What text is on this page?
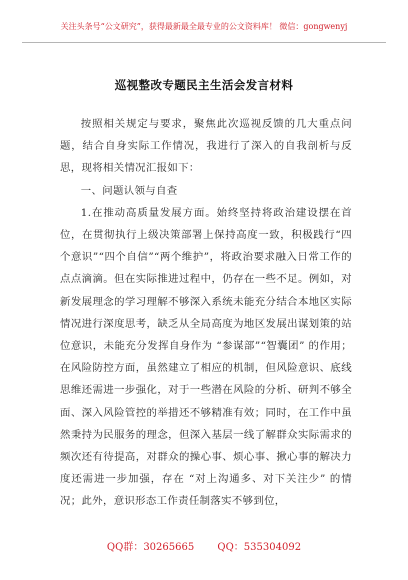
关注头条号“公文研究”，获得最新最全最专业的公文资料库！ 微信：gongwenyj
巡视整改专题民主生活会发言材料

按照相关规定与要求，聚焦此次巡视反馈的几大重点问题，结合自身实际工作情况，我进行了深入的自我剖析与反思，现将相关情况汇报如下：

一、问题认领与自查

1.在推动高质量发展方面。始终坚持将政治建设摆在首位，在贯彻执行上级决策部署上保持高度一致，积极践行“四个意识”“四个自信”“两个维护”，将政治要求融入日常工作的点点滴滴。但在实际推进过程中，仍存在一些不足。例如，对新发展理念的学习理解不够深入系统未能充分结合本地区实际情况进行深度思考，缺乏从全局高度为地区发展出谋划策的站位意识，未能充分发挥自身作为 “参谋部”“智囊团” 的作用；在风险防控方面，虽然建立了相应的机制，但风险意识、底线思维还需进一步强化，对于一些潜在风险的分析、研判不够全面、深入风险管控的举措还不够精准有效；同时，在工作中虽然秉持为民服务的理念，但深入基层一线了解群众实际需求的频次还有待提高，对群众的操心事、烦心事、揪心事的解决力度还需进一步加强，存在 “对上沟通多、对下关注少” 的情况；此外，意识形态工作责任制落实不够到位，

QQ群：30265665 QQ：535304092
